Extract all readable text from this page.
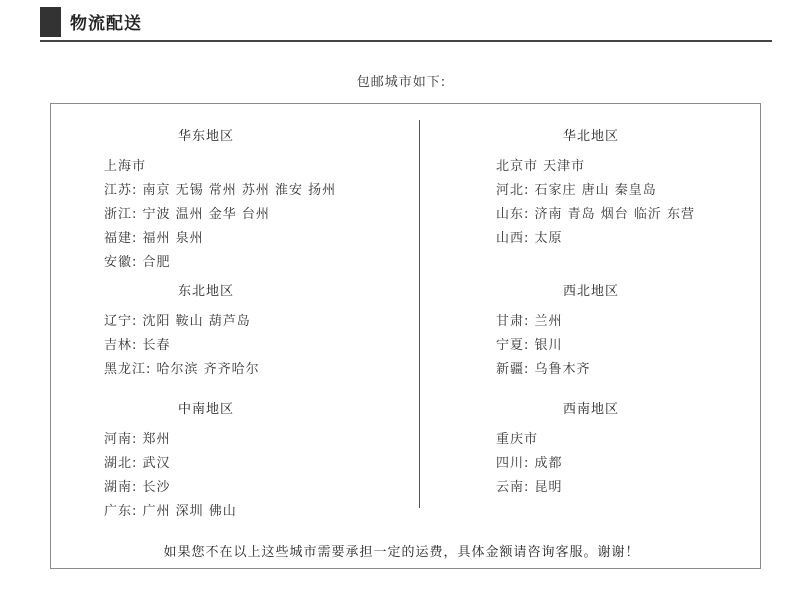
物流配送
包邮城市如下:
华东地区
上海市
江苏: 南京 无锡 常州 苏州 淮安 扬州
浙江: 宁波 温州 金华 台州
福建: 福州 泉州
安徽: 合肥
东北地区
辽宁: 沈阳 鞍山 葫芦岛
吉林: 长春
黑龙江: 哈尔滨 齐齐哈尔
中南地区
河南: 郑州
湖北: 武汉
湖南: 长沙
广东: 广州 深圳 佛山
华北地区
北京市 天津市
河北: 石家庄 唐山 秦皇岛
山东: 济南 青岛 烟台 临沂 东营
山西: 太原
西北地区
甘肃: 兰州
宁夏: 银川
新疆: 乌鲁木齐
西南地区
重庆市
四川: 成都
云南: 昆明
如果您不在以上这些城市需要承担一定的运费，具体金额请咨询客服。谢谢！
